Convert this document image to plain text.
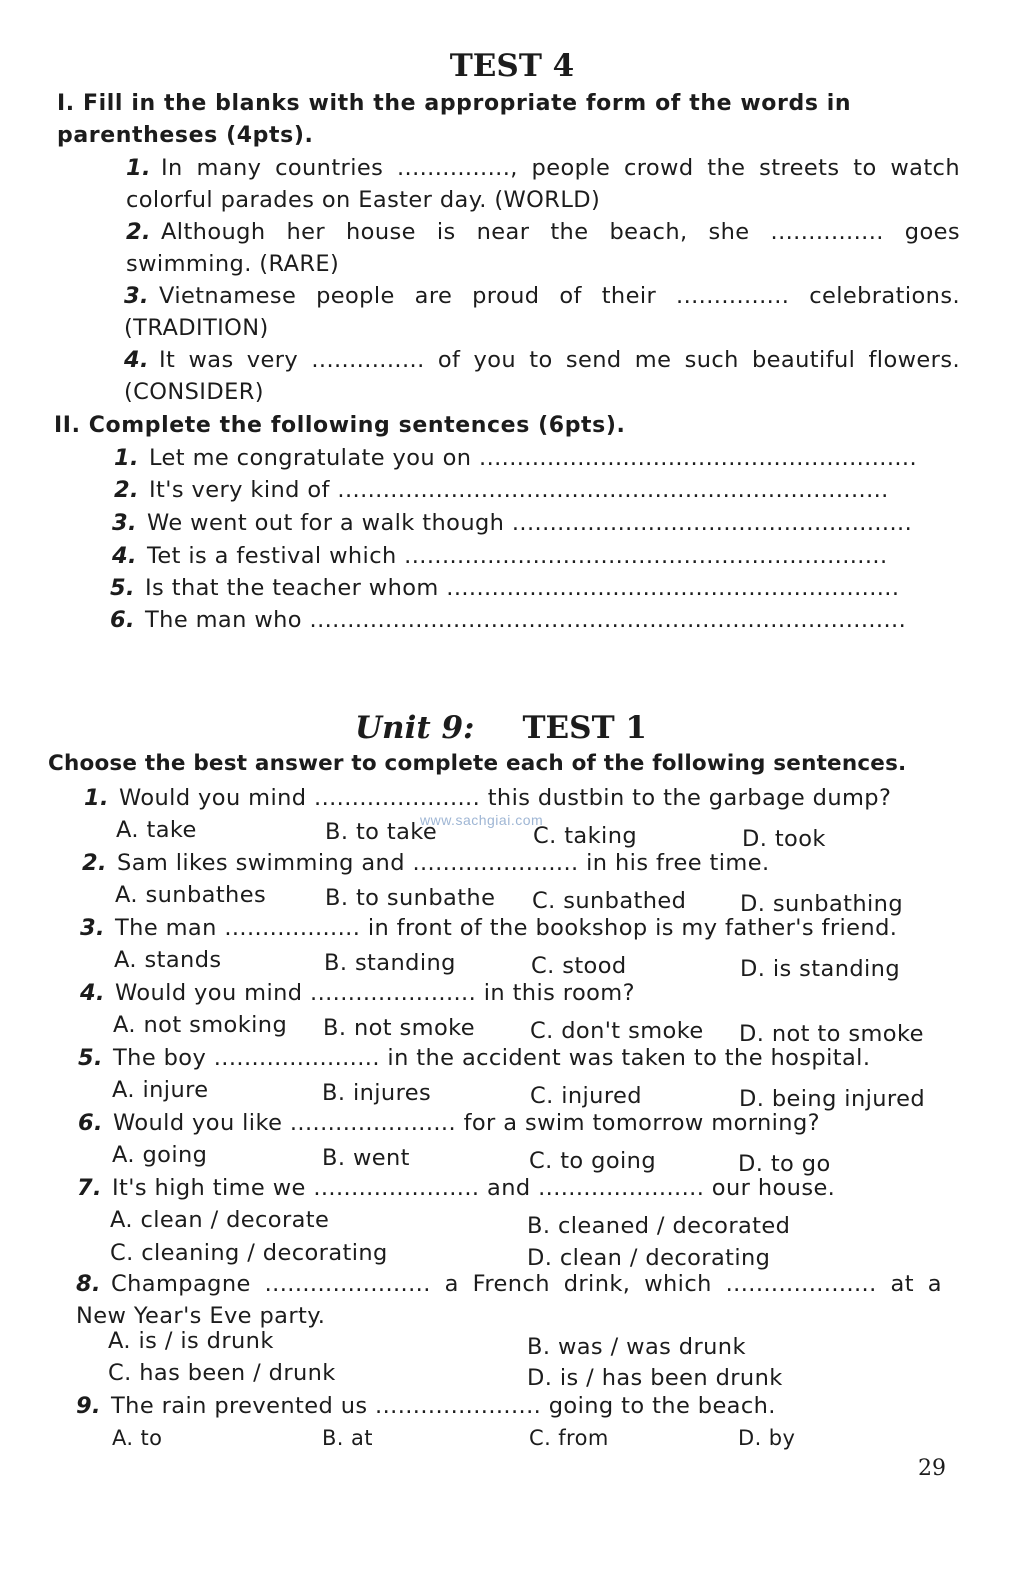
TEST 4

I. Fill in the blanks with the appropriate form of the words in parentheses (4pts).

1. In many countries ..............., people crowd the streets to watch colorful parades on Easter day. (WORLD)
2. Although her house is near the beach, she ............... goes swimming. (RARE)
3. Vietnamese people are proud of their ............... celebrations. (TRADITION)
4. It was very ............... of you to send me such beautiful flowers. (CONSIDER)

II. Complete the following sentences (6pts).

1. Let me congratulate you on ..........................................................
2. It's very kind of .........................................................................
3. We went out for a walk though .....................................................
4. Tet is a festival which ................................................................
5. Is that the teacher whom ............................................................
6. The man who ...............................................................................
Unit 9: TEST 1

Choose the best answer to complete each of the following sentences.

www.sachgiai.com
1. Would you mind ...................... this dustbin to the garbage dump?
A. take	B. to take	C. taking	D. took
2. Sam likes swimming and ...................... in his free time.
A. sunbathes	B. to sunbathe C. sunbathed D. sunbathing
3. The man .................. in front of the bookshop is my father's friend.
A. stands	B. standing	C. stood	D. is standing
4. Would you mind ...................... in this room?
A. not smoking B. not smoke C. don't smoke D. not to smoke
5. The boy ...................... in the accident was taken to the hospital.
A. injure	B. injures	C. injured	D. being injured
6. Would you like ...................... for a swim tomorrow morning?
A. going	B. went	C. to going	D. to go
7. It's high time we ...................... and ...................... our house.
A. clean / decorate	B. cleaned / decorated
C. cleaning / decorating	D. clean / decorating
8. Champagne ...................... a French drink, which .................... at a New Year's Eve party.
A. is / is drunk	B. was / was drunk
C. has been / drunk	D. is / has been drunk
9. The rain prevented us ...................... going to the beach.
A. to	B. at	C. from	D. by
29
